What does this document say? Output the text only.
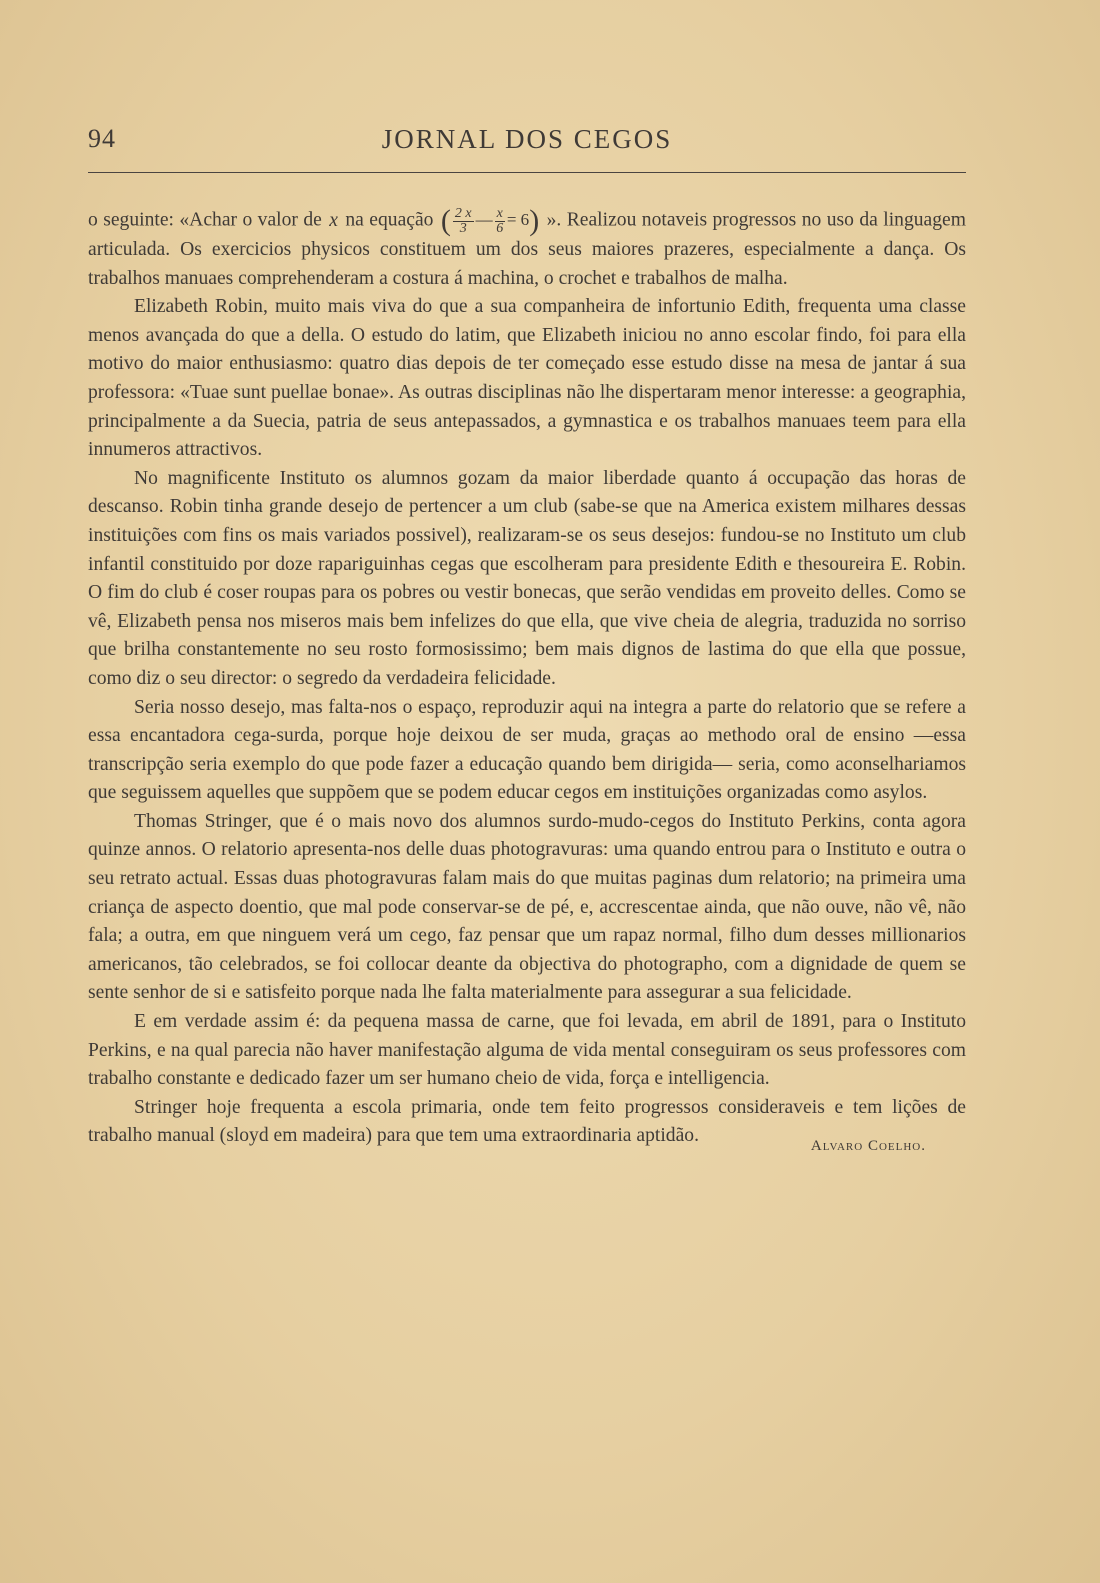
94	JORNAL DOS CEGOS

o seguinte: «Achar o valor de x na equação ( $\frac{2 x}{3}$ — $\frac{x}{6} = 6$) ». Realizou notaveis progressos no uso da linguagem articulada. Os exercicios physicos constituem um dos seus maiores prazeres, especialmente a dança. Os trabalhos manuaes comprehenderam a costura á machina, o crochet e trabalhos de malha.

Elizabeth Robin, muito mais viva do que a sua companheira de infortunio Edith, frequenta uma classe menos avançada do que a della. O estudo do latim, que Elizabeth iniciou no anno escolar findo, foi para ella motivo do maior enthusiasmo: quatro dias depois de ter começado esse estudo disse na mesa de jantar á sua professora: «Tuae sunt puellae bonae». As outras disciplinas não lhe dispertaram menor interesse: a geographia, principalmente a da Suecia, patria de seus antepassados, a gymnastica e os trabalhos manuaes teem para ella innumeros attractivos.

No magnificente Instituto os alumnos gozam da maior liberdade quanto á occupação das horas de descanso. Robin tinha grande desejo de pertencer a um club (sabe-se que na America existem milhares dessas instituições com fins os mais variados possivel), realizaram-se os seus desejos: fundou-se no Instituto um club infantil constituido por doze rapariguinhas cegas que escolheram para presidente Edith e thesoureira E. Robin. O fim do club é coser roupas para os pobres ou vestir bonecas, que serão vendidas em proveito delles. Como se vê, Elizabeth pensa nos miseros mais bem infelizes do que ella, que vive cheia de alegria, traduzida no sorriso que brilha constantemente no seu rosto formosissimo; bem mais dignos de lastima do que ella que possue, como diz o seu director: o segredo da verdadeira felicidade.

Seria nosso desejo, mas falta-nos o espaço, reproduzir aqui na integra a parte do relatorio que se refere a essa encantadora cega-surda, porque hoje deixou de ser muda, graças ao methodo oral de ensino —essa transcripção seria exemplo do que pode fazer a educação quando bem dirigida— seria, como aconselhariamos que seguissem aquelles que suppõem que se podem educar cegos em instituições organizadas como asylos.

Thomas Stringer, que é o mais novo dos alumnos surdo-mudo-cegos do Instituto Perkins, conta agora quinze annos. O relatorio apresenta-nos delle duas photogravuras: uma quando entrou para o Instituto e outra o seu retrato actual. Essas duas photogravuras falam mais do que muitas paginas dum relatorio; na primeira uma criança de aspecto doentio, que mal pode conservar-se de pé, e, accrescentae ainda, que não ouve, não vê, não fala; a outra, em que ninguem verá um cego, faz pensar que um rapaz normal, filho dum desses millionarios americanos, tão celebrados, se foi collocar deante da objectiva do photographo, com a dignidade de quem se sente senhor de si e satisfeito porque nada lhe falta materialmente para assegurar a sua felicidade.

E em verdade assim é: da pequena massa de carne, que foi levada, em abril de 1891, para o Instituto Perkins, e na qual parecia não haver manifestação alguma de vida mental conseguiram os seus professores com trabalho constante e dedicado fazer um ser humano cheio de vida, força e intelligencia.

Stringer hoje frequenta a escola primaria, onde tem feito progressos consideraveis e tem lições de trabalho manual (sloyd em madeira) para que tem uma extraordinaria aptidão.	Alvaro Coelho.
